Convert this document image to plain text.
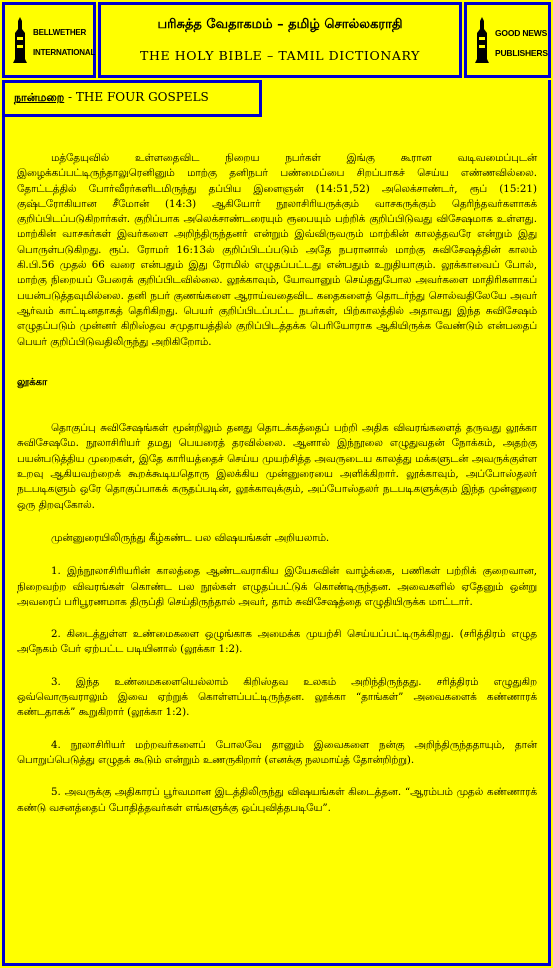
BELLWETHER
INTERNATIONAL
பரிசுத்த வேதாகமம் – தமிழ் சொல்லகராதி
THE HOLY BIBLE – TAMIL DICTIONARY
GOOD NEWS
PUBLISHERS
நான்மறை - THE FOUR GOSPELS

மத்தேயுவில் உள்ளதைவிட நிறைய நபர்கள் இங்கு கூரான வடிவமைப்புடன் இழைக்கப்பட்டிருந்தாலுரெனினும் மாற்கு தனிநபர் பண்மைப்பை சிறப்பாகச் செய்ய எண்ணவில்லை. தோட்டத்தில் போர்வீரர்களிடமிருந்து தப்பிய இளைஞன் (14:51,52) அலெக்சாண்டர், ரூப் (15:21) குஷ்டரோகியான சீமோன் (14:3) ஆகியோர் நூலாசிரியருக்கும் வாசகருக்கும் தெரிந்தவர்களாகக் குறிப்பிடப்படுகிறார்கள். குறிப்பாக அலெக்சாண்டரையும் ரூபையும் பற்றிக் குறிப்பிடுவது விசேஷமாக உள்ளது. மாற்கின் வாசகர்கள் இவர்களை அறிந்திருந்தனர் என்றும் இவ்விருவரும் மாற்கின் காலத்தவரே என்றும் இது பொருள்படுகிறது. ரூப். ரோமர் 16:13ல் குறிப்பிடப்படும் அதே நபரானால் மாற்கு சுவிசேஷத்தின் காலம் கி.பி.56 முதல் 66 வரை என்பதும் இது ரோமில் எழுதப்பட்டது என்பதும் உறுதியாகும். லூக்காவைப் போல், மாற்கு நிறையப் பேரைக் குறிப்பிடவில்லை. லூக்காவும், யோவானும் செய்ததுபோல அவர்களை மாதிரிகளாகப் பயன்படுத்தவுமில்லை. தனி நபர் குணங்களை ஆராய்வதைவிட கதைகளைத் தொடர்ந்து சொல்வதிலேயே அவர் ஆர்வம் காட்டினதாகத் தெரிகிறது. பெயர் குறிப்பிடப்பட்ட நபர்கள், பிற்காலத்தில் அதாவது இந்த சுவிசேஷம் எழுதப்படும் முன்னர் கிறிஸ்தவ சமுதாயத்தில் குறிப்பிடத்தக்க பெரியோராக ஆகியிருக்க வேண்டும் என்பதைப் பெயர் குறிப்பிடுவதிலிருந்து அறிகிறோம்.

லூக்கா

தொகுப்பு சுவிசேஷங்கள் மூன்றிலும் தனது தொடக்கத்தைப் பற்றி அதிக விவரங்களைத் தருவது லூக்கா சுவிசேஷமே. நூலாசிரியர் தமது பெயரைத் தரவில்லை. ஆனால் இந்நூலை எழுதுவதன் நோக்கம், அதற்கு பயன்படுத்திய முறைகள், இதே காரியத்தைச் செய்ய முயற்சித்த அவருடைய காலத்து மக்களுடன் அவருக்குள்ள உறவு ஆகியவற்றைக் கூறக்கூடியதொரு இலக்கிய முன்னுரையை அளிக்கிறார். லூக்காவும், அப்போஸ்தலர் நடபடிகளும் ஒரே தொகுப்பாகக் கருதப்படின், லூக்காவுக்கும், அப்போஸ்தலர் நடபடிகளுக்கும் இந்த முன்னுரை ஒரு திறவுகோல்.

முன்னுரையிலிருந்து கீழ்கண்ட பல விஷயங்கள் அறியலாம்.

1. இந்நூலாசிரியரின் காலத்தை ஆண்டவராகிய இயேசுவின் வாழ்க்கை, பணிகள் பற்றிக் குறைவான, நிறைவற்ற விவரங்கள் கொண்ட பல நூல்கள் எழுதப்பட்டுக் கொண்டிருந்தன. அவைகளில் ஏதேனும் ஒன்று அவரைப் பரிபூரணமாக திருப்தி செய்திருந்தால் அவர், தாம் சுவிசேஷத்தை எழுதியிருக்க மாட்டார்.

2. கிடைத்துள்ள உண்மைகளை ஒழுங்காக அமைக்க முயற்சி செய்யப்பட்டிருக்கிறது. (சரித்திரம் எழுத அநேகம் பேர் ஏற்பட்ட படியினால் (லூக்கா 1:2).

3. இந்த உண்மைகளையெல்லாம் கிறிஸ்தவ உலகம் அறிந்திருந்தது. சரித்திரம் எழுதுகிற ஒவ்வொருவராலும் இவை ஏற்றுக் கொள்ளப்பட்டிருந்தன. லூக்கா “தாங்கள்” அவைகளைக் கண்ணாரக் கண்டதாகக்” கூறுகிறார் (லூக்கா 1:2).

4. நூலாசிரியர் மற்றவர்களைப் போலவே தானும் இவைகளை நன்கு அறிந்திருந்ததாயும், தான் பொறுப்பெடுத்து எழுதக் கூடும் என்றும் உணருகிறார் (எனக்கு நலமாய்த் தோன்றிற்று).

5. அவருக்கு அதிகாரப் பூர்வமான இடத்திலிருந்து விஷயங்கள் கிடைத்தன. “ஆரம்பம் முதல் கண்ணாரக் கண்டு வசனத்தைப் போதித்தவர்கள் எங்களுக்கு ஒப்புவித்தபடியே”.
